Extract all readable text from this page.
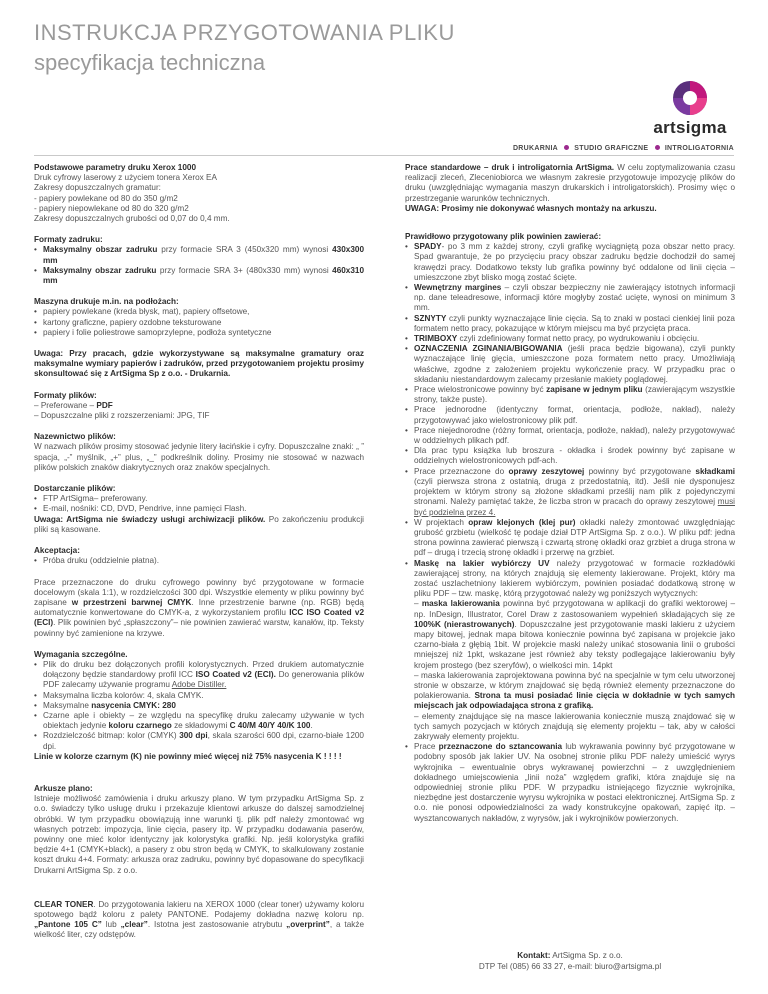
INSTRUKCJA PRZYGOTOWANIA PLIKU
specyfikacja techniczna
artsigma
DRUKARNIA STUDIO GRAFICZNE INTROLIGATORNIA
Podstawowe parametry druku Xerox 1000
Druk cyfrowy laserowy z użyciem tonera Xerox EA
Zakresy dopuszczalnych gramatur:
- papiery powlekane od 80 do 350 g/m2
- papiery niepowlekane od 80 do 320 g/m2
Zakresy dopuszczalnych grubości od 0,07 do 0,4 mm.
Formaty zadruku:
• Maksymalny obszar zadruku przy formacie SRA 3 (450x320 mm) wynosi 430x300 mm
• Maksymalny obszar zadruku przy formacie SRA 3+ (480x330 mm) wynosi 460x310 mm
Maszyna drukuje m.in. na podłożach:
• papiery powlekane (kreda błysk, mat), papiery offsetowe,
• kartony graficzne, papiery ozdobne teksturowane
• papiery i folie poliestrowe samoprzylepne, podłoża syntetyczne

Uwaga: Przy pracach, gdzie wykorzystywane są maksymalne gramatury oraz maksymalne wymiary papierów i zadruków, przed przygotowaniem projektu prosimy skonsultować się z ArtSigma Sp z o.o. - Drukarnia.

Formaty plików:
– Preferowane – PDF
– Dopuszczalne pliki z rozszerzeniami: JPG, TIF
Nazewnictwo plików:

W nazwach plików prosimy stosować jedynie litery łacińskie i cyfry. Dopuszczalne znaki: „ ” spacja, „-” myślnik, „+” plus, „_” podkreślnik doliny. Prosimy nie stosować w nazwach plików polskich znaków diakrytycznych oraz znaków specjalnych.

Dostarczanie plików:
• FTP ArtSigma– preferowany.
• E-mail, nośniki: CD, DVD, Pendrive, inne pamięci Flash.

Uwaga: ArtSigma nie świadczy usługi archiwizacji plików. Po zakończeniu produkcji pliki są kasowane.

Akceptacja:
• Próba druku (oddzielnie płatna).

Prace przeznaczone do druku cyfrowego powinny być przygotowane w formacie docelowym (skala 1:1), w rozdzielczości 300 dpi. Wszystkie elementy w pliku powinny być zapisane w przestrzeni barwnej CMYK. Inne przestrzenie barwne (np. RGB) będą automatycznie konwertowane do CMYK-a, z wykorzystaniem profilu ICC ISO Coated v2 (ECI). Plik powinien być „spłaszczony”– nie powinien zawierać warstw, kanałów, itp. Teksty powinny być zamienione na krzywe.

Wymagania szczególne.
• Plik do druku bez dołączonych profili kolorystycznych. Przed drukiem automatycznie dołączony będzie standardowy profil ICC ISO Coated v2 (ECI). Do generowania plików PDF zalecamy używanie programu Adobe Distiller.
• Maksymalna liczba kolorów: 4, skala CMYK.
• Maksymalne nasycenia CMYK: 280
• Czarne aple i obiekty – ze względu na specyfikę druku zalecamy używanie w tych obiektach jedynie koloru czarnego ze składowymi C 40/M 40/Y 40/K 100.
• Rozdzielczość bitmap: kolor (CMYK) 300 dpi, skala szarości 600 dpi, czarno-białe 1200 dpi.
Linie w kolorze czarnym (K) nie powinny mieć więcej niż 75% nasycenia K ! ! ! !
Arkusze plano:

Istnieje możliwość zamówienia i druku arkuszy plano. W tym przypadku ArtSigma Sp. z o.o. świadczy tylko usługę druku i przekazuje klientowi arkusze do dalszej samodzielnej obróbki. W tym przypadku obowiązują inne warunki tj. plik pdf należy zmontować wg własnych potrzeb: impozycja, linie cięcia, pasery itp. W przypadku dodawania paserów, powinny one mieć kolor identyczny jak kolorystyka grafiki. Np. jeśli kolorystyka grafiki będzie 4+1 (CMYK+black), a pasery z obu stron będą w CMYK, to skalkulowany zostanie koszt druku 4+4. Formaty: arkusza oraz zadruku, powinny być dopasowane do specyfikacji Drukarni ArtSigma Sp. z o.o.

CLEAR TONER. Do przygotowania lakieru na XEROX 1000 (clear toner) używamy koloru spotowego bądź koloru z palety PANTONE. Podajemy dokładna nazwę koloru np. „Pantone 105 C” lub „clear”. Istotna jest zastosowanie atrybutu „overprint”, a także wielkość liter, czy odstępów.

Prace standardowe – druk i introligatornia ArtSigma. W celu zoptymalizowania czasu realizacji zleceń, Zleceniobiorca we własnym zakresie przygotowuje impozycję plików do druku (uwzględniając wymagania maszyn drukarskich i introligatorskich). Prosimy więc o przestrzeganie warunków technicznych.

UWAGA: Prosimy nie dokonywać własnych montaży na arkuszu.
Prawidłowo przygotowany plik powinien zawierać:
• SPADY- po 3 mm z każdej strony, czyli grafikę wyciągniętą poza obszar netto pracy. Spad gwarantuje, że po przycięciu pracy obszar zadruku będzie dochodził do samej krawędzi pracy. Dodatkowo teksty lub grafika powinny być oddalone od linii cięcia – umieszczone zbyt blisko mogą zostać ścięte.
• Wewnętrzny margines – czyli obszar bezpieczny nie zawierający istotnych informacji np. dane teleadresowe, informacji które mogłyby zostać ucięte, wynosi on minimum 3 mm.
• SZNYTY czyli punkty wyznaczające linie cięcia. Są to znaki w postaci cienkiej linii poza formatem netto pracy, pokazujące w którym miejscu ma być przycięta praca.
• TRIMBOXY czyli zdefiniowany format netto pracy, po wydrukowaniu i obcięciu.
• OZNACZENIA ZGINANIA/BIGOWANIA (jeśli praca będzie bigowana), czyli punkty wyznaczające linię gięcia, umieszczone poza formatem netto pracy. Umożliwiają właściwe, zgodne z założeniem projektu wykończenie pracy. W przypadku prac o składaniu niestandardowym zalecamy przesłanie makiety poglądowej.
• Prace wielostronicowe powinny być zapisane w jednym pliku (zawierającym wszystkie strony, także puste).
• Prace jednorodne (identyczny format, orientacja, podłoże, nakład), należy przygotowywać jako wielostronicowy plik pdf.
• Prace niejednorodne (różny format, orientacja, podłoże, nakład), należy przygotowywać w oddzielnych plikach pdf.
• Dla prac typu książka lub broszura - okładka i środek powinny być zapisane w oddzielnych wielostronicowych pdf-ach.
• Prace przeznaczone do oprawy zeszytowej powinny być przygotowane składkami (czyli pierwsza strona z ostatnią, druga z przedostatnią, itd). Jeśli nie dysponujesz projektem w którym strony są złożone składkami prześlij nam plik z pojedynczymi stronami. Należy pamiętać także, że liczba stron w pracach do oprawy zeszytowej musi być podzielna przez 4.
• W projektach opraw klejonych (klej pur) okładki należy zmontować uwzględniając grubość grzbietu (wielkość tę podaje dział DTP ArtSigma Sp. z o.o.). W pliku pdf: jedna strona powinna zawierać pierwszą i czwartą stronę okładki oraz grzbiet a druga strona w pdf – drugą i trzecią stronę okładki i przerwę na grzbiet.
• Maskę na lakier wybiórczy UV należy przygotować w formacie rozkładówki zawierającej strony, na których znajdują się elementy lakierowane. Projekt, który ma zostać uszlachetniony lakierem wybiórczym, powinien posiadać dodatkową stronę w pliku PDF – tzw. maskę, którą przygotować należy wg poniższych wytycznych:
– maska lakierowania powinna być przygotowana w aplikacji do grafiki wektorowej – np. InDesign, Illustrator, Corel Draw z zastosowaniem wypełnień składających się ze 100%K (nierastrowanych). Dopuszczalne jest przygotowanie maski lakieru z użyciem mapy bitowej, jednak mapa bitowa koniecznie powinna być zapisana w projekcie jako czarno-biała z głębią 1bit. W projekcie maski należy unikać stosowania linii o grubości mniejszej niż 1pkt, wskazane jest również aby teksty podlegające lakierowaniu były krojem prostego (bez szeryfów), o wielkości min. 14pkt
– maska lakierowania zaprojektowana powinna być na specjalnie w tym celu utworzonej stronie w obszarze, w którym znajdować się będą również elementy przeznaczone do polakierowania. Strona ta musi posiadać linie cięcia w dokładnie w tych samych miejscach jak odpowiadająca strona z grafiką.
– elementy znajdujące się na masce lakierowania koniecznie muszą znajdować się w tych samych pozycjach w których znajdują się elementy projektu – tak, aby w całości zakrywały elementy projektu.
• Prace przeznaczone do sztancowania lub wykrawania powinny być przygotowane w podobny sposób jak lakier UV. Na osobnej stronie pliku PDF należy umieścić wyrys wykrojnika – ewentualnie obrys wykrawanej powierzchni – z uwzględnieniem dokładnego umiejscowienia „linii noża” względem grafiki, która znajduje się na odpowiedniej stronie pliku PDF. W przypadku istniejącego fizycznie wykrojnika, niezbędne jest dostarczenie wyrysu wykrojnika w postaci elektronicznej. ArtSigma Sp. z o.o. nie ponosi odpowiedzialności za wady konstrukcyjne opakowań, zapięć itp. – wysztancowanych nakładów, z wyrysów, jak i wykrojników powierzonych.
Kontakt: ArtSigma Sp. z o.o.
DTP Tel (085) 66 33 27, e-mail: biuro@artsigma.pl
